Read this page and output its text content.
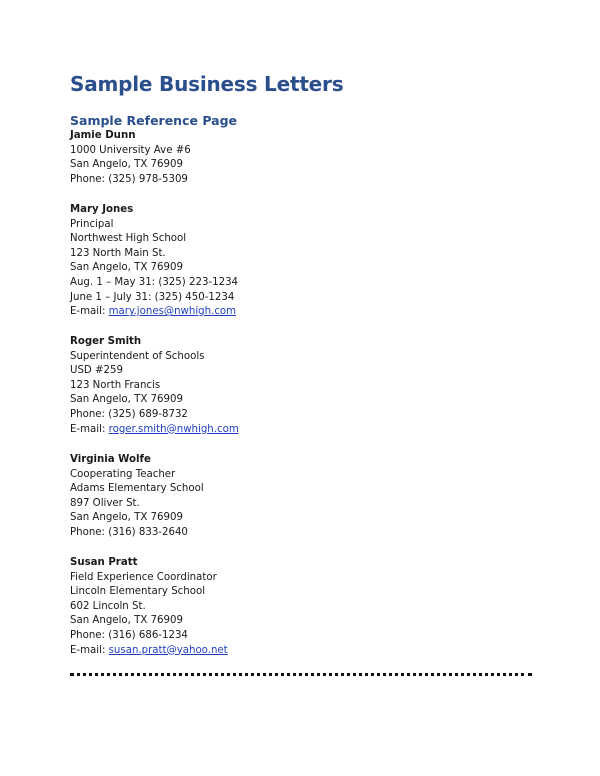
Sample Business Letters
Sample Reference Page
Jamie Dunn
1000 University Ave #6
San Angelo, TX 76909
Phone: (325) 978-5309
Mary Jones
Principal
Northwest High School
123 North Main St.
San Angelo, TX 76909
Aug. 1 – May 31: (325) 223-1234
June 1 – July 31: (325) 450-1234
E-mail: mary.jones@nwhigh.com
Roger Smith
Superintendent of Schools
USD #259
123 North Francis
San Angelo, TX 76909
Phone: (325) 689-8732
E-mail: roger.smith@nwhigh.com
Virginia Wolfe
Cooperating Teacher
Adams Elementary School
897 Oliver St.
San Angelo, TX 76909
Phone: (316) 833-2640
Susan Pratt
Field Experience Coordinator
Lincoln Elementary School
602 Lincoln St.
San Angelo, TX 76909
Phone: (316) 686-1234
E-mail: susan.pratt@yahoo.net
